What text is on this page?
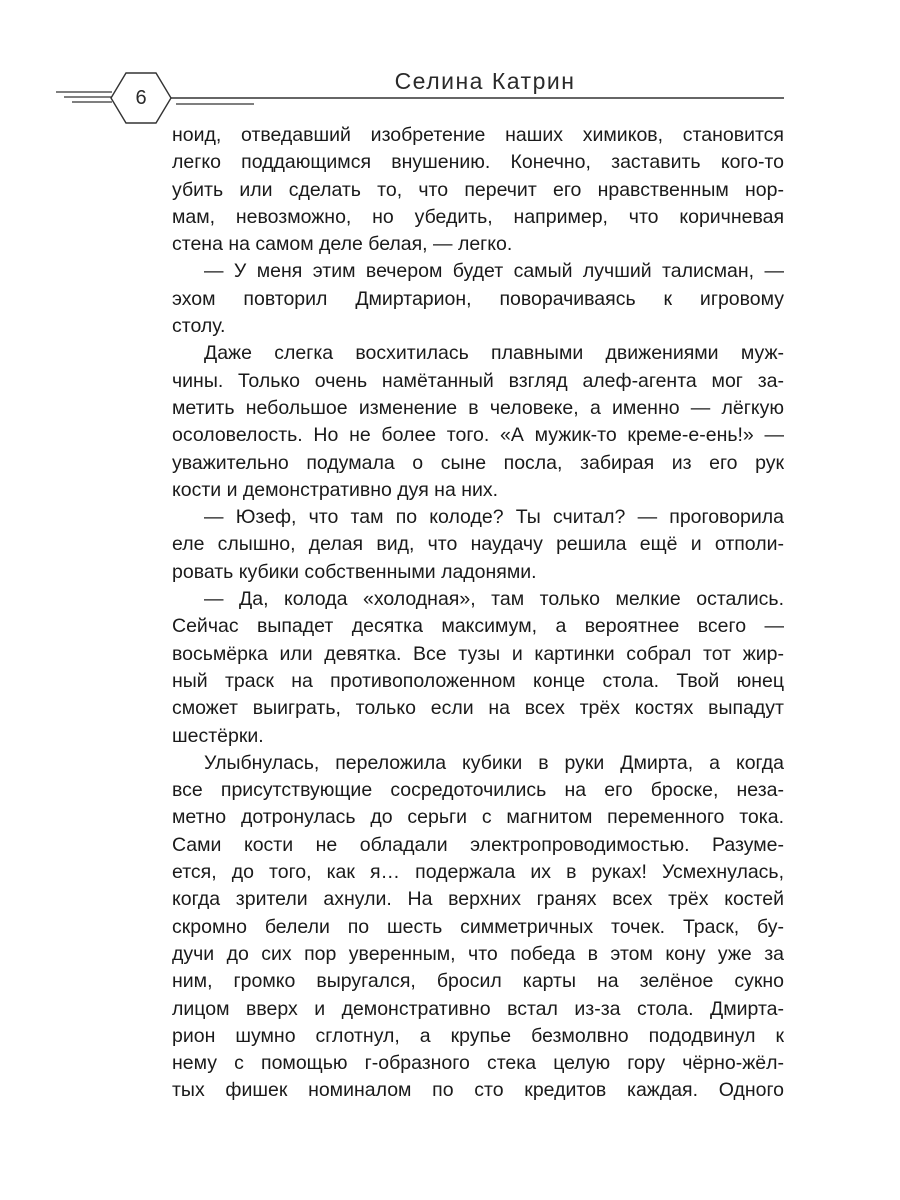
6
Селина Катрин
ноид, отведавший изобретение наших химиков, становится
легко поддающимся внушению. Конечно, заставить кого-то
убить или сделать то, что перечит его нравственным нор-
мам, невозможно, но убедить, например, что коричневая
стена на самом деле белая, — легко.
— У меня этим вечером будет самый лучший талисман, —
эхом повторил Дмиртарион, поворачиваясь к игровому
столу.
Даже слегка восхитилась плавными движениями муж-
чины. Только очень намётанный взгляд алеф-агента мог за-
метить небольшое изменение в человеке, а именно — лёгкую
осоловелость. Но не более того. «А мужик-то креме-е-ень!» —
уважительно подумала о сыне посла, забирая из его рук
кости и демонстративно дуя на них.
— Юзеф, что там по колоде? Ты считал? — проговорила
еле слышно, делая вид, что наудачу решила ещё и отполи-
ровать кубики собственными ладонями.
— Да, колода «холодная», там только мелкие остались.
Сейчас выпадет десятка максимум, а вероятнее всего —
восьмёрка или девятка. Все тузы и картинки собрал тот жир-
ный траск на противоположенном конце стола. Твой юнец
сможет выиграть, только если на всех трёх костях выпадут
шестёрки.
Улыбнулась, переложила кубики в руки Дмирта, а когда
все присутствующие сосредоточились на его броске, неза-
метно дотронулась до серьги с магнитом переменного тока.
Сами кости не обладали электропроводимостью. Разуме-
ется, до того, как я… подержала их в руках! Усмехнулась,
когда зрители ахнули. На верхних гранях всех трёх костей
скромно белели по шесть симметричных точек. Траск, бу-
дучи до сих пор уверенным, что победа в этом кону уже за
ним, громко выругался, бросил карты на зелёное сукно
лицом вверх и демонстративно встал из-за стола. Дмирта-
рион шумно сглотнул, а крупье безмолвно пододвинул к
нему с помощью г-образного стека целую гору чёрно-жёл-
тых фишек номиналом по сто кредитов каждая. Одного
